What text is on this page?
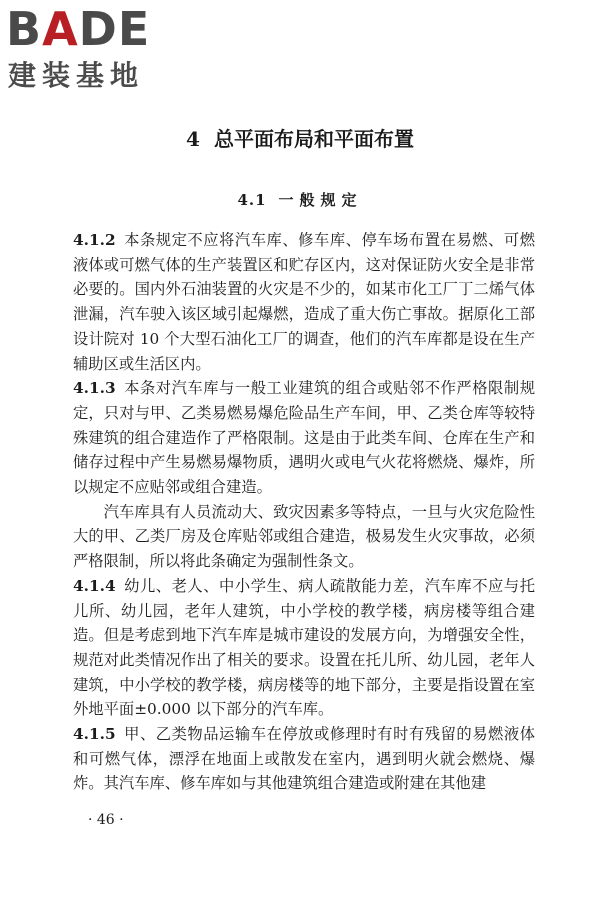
BADE
建装基地
4 总平面布局和平面布置
4.1 一般规定

4.1.2 本条规定不应将汽车库、修车库、停车场布置在易燃、可燃液体或可燃气体的生产装置区和贮存区内，这对保证防火安全是非常必要的。国内外石油装置的火灾是不少的，如某市化工厂丁二烯气体泄漏，汽车驶入该区域引起爆燃，造成了重大伤亡事故。据原化工部设计院对 10 个大型石油化工厂的调查，他们的汽车库都是设在生产辅助区或生活区内。

4.1.3 本条对汽车库与一般工业建筑的组合或贴邻不作严格限制规定，只对与甲、乙类易燃易爆危险品生产车间，甲、乙类仓库等较特殊建筑的组合建造作了严格限制。这是由于此类车间、仓库在生产和储存过程中产生易燃易爆物质，遇明火或电气火花将燃烧、爆炸，所以规定不应贴邻或组合建造。

汽车库具有人员流动大、致灾因素多等特点，一旦与火灾危险性大的甲、乙类厂房及仓库贴邻或组合建造，极易发生火灾事故，必须严格限制，所以将此条确定为强制性条文。

4.1.4 幼儿、老人、中小学生、病人疏散能力差，汽车库不应与托儿所、幼儿园，老年人建筑，中小学校的教学楼，病房楼等组合建造。但是考虑到地下汽车库是城市建设的发展方向，为增强安全性，规范对此类情况作出了相关的要求。设置在托儿所、幼儿园，老年人建筑，中小学校的教学楼，病房楼等的地下部分，主要是指设置在室外地平面±0.000 以下部分的汽车库。

4.1.5 甲、乙类物品运输车在停放或修理时有时有残留的易燃液体和可燃气体，漂浮在地面上或散发在室内，遇到明火就会燃烧、爆炸。其汽车库、修车库如与其他建筑组合建造或附建在其他建

· 46 ·
